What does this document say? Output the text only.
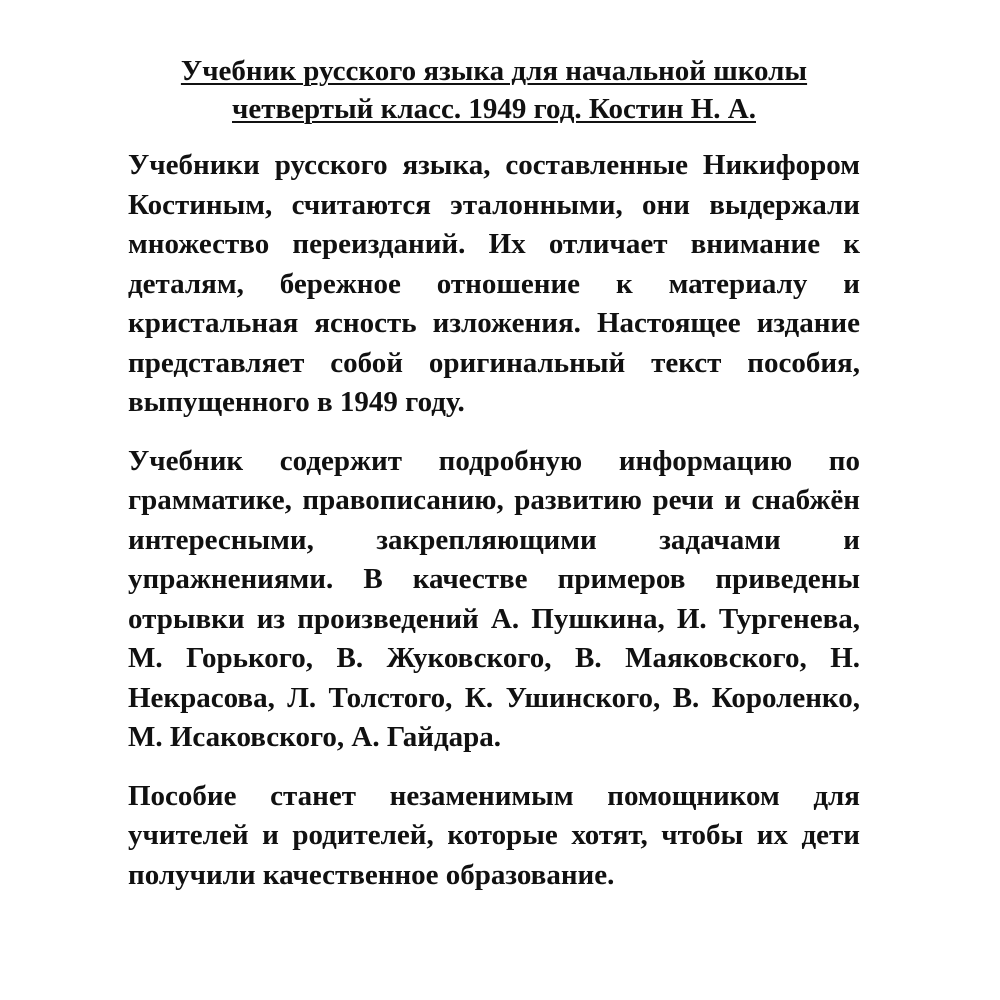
Учебник русского языка для начальной школы
четвертый класс. 1949 год. Костин Н. А.

Учебники русского языка, составленные Никифором Костиным, считаются эталонными, они выдержали множество переизданий. Их отличает внимание к деталям, бережное отношение к материалу и кристальная ясность изложения. Настоящее издание представляет собой оригинальный текст пособия, выпущенного в 1949 году.

Учебник содержит подробную информацию по грамматике, правописанию, развитию речи и снабжён интересными, закрепляющими задачами и упражнениями. В качестве примеров приведены отрывки из произведений А. Пушкина, И. Тургенева, М. Горького, В. Жуковского, В. Маяковского, Н. Некрасова, Л. Толстого, К. Ушинского, В. Короленко, М. Исаковского, А. Гайдара.

Пособие станет незаменимым помощником для учителей и родителей, которые хотят, чтобы их дети получили качественное образование.
